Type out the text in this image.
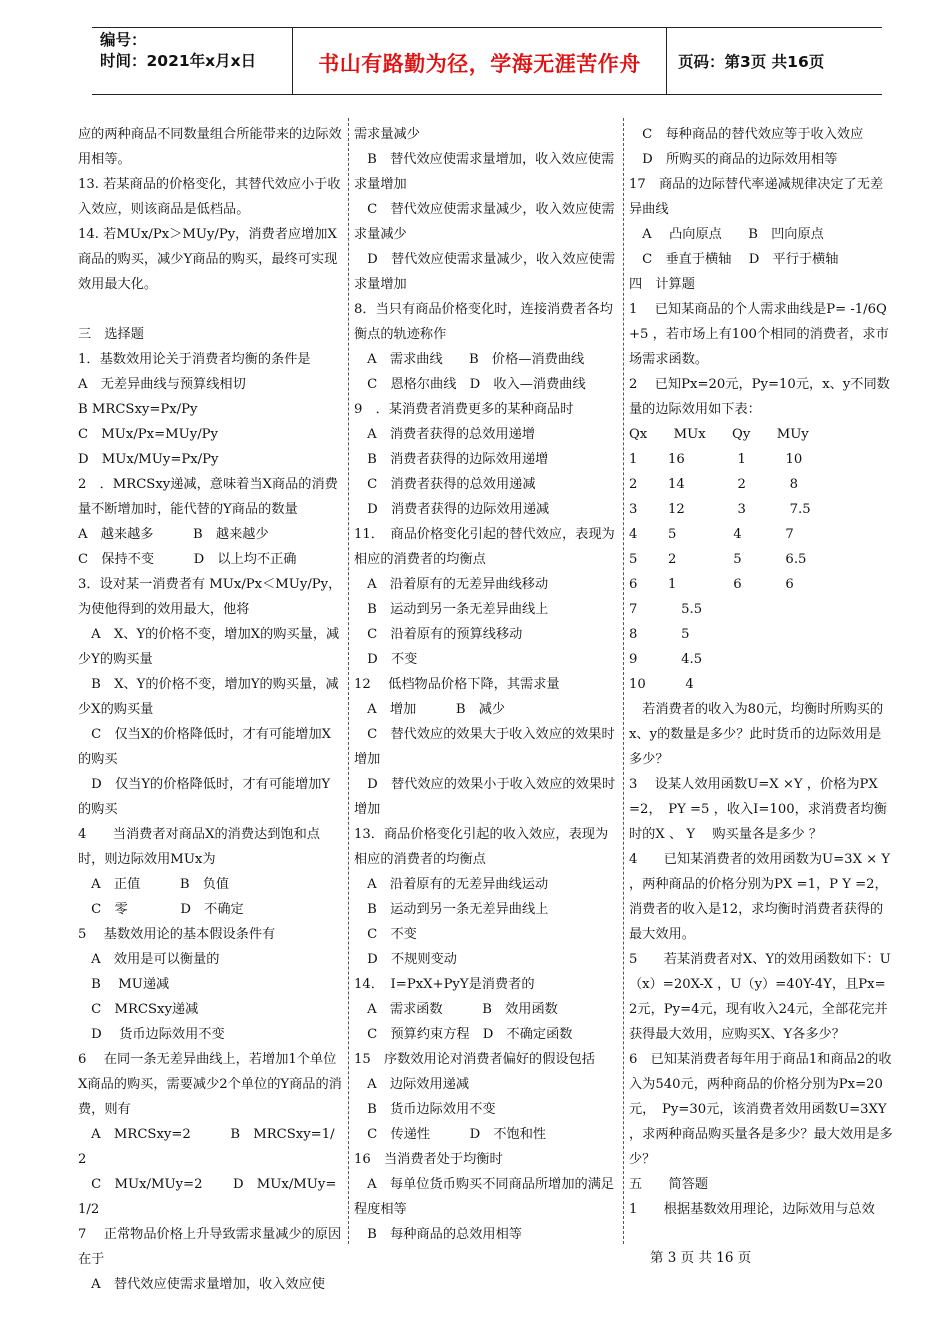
编号：
时间：2021年x月x日	书山有路勤为径，学海无涯苦作舟	页码：第3页 共16页

应的两种商品不同数量组合所能带来的边际效用相等。

13. 若某商品的价格变化，其替代效应小于收入效应，则该商品是低档品。

14. 若MUx/Px＞MUy/Py，消费者应增加X商品的购买，减少Y商品的购买，最终可实现效用最大化。

三　选择题

1．基数效用论关于消费者均衡的条件是

A　无差异曲线与预算线相切

B MRCSxy=Px/Py

C　MUx/Px=MUy/Py

D　MUx/MUy=Px/Py

2　．MRCSxy递减，意味着当X商品的消费量不断增加时，能代替的Y商品的数量

A　越来越多　　　B　越来越少

C　保持不变　　　D　以上均不正确

3．设对某一消费者有 MUx/Px＜MUy/Py，为使他得到的效用最大，他将

　A　X、Y的价格不变，增加X的购买量，减少Y的购买量

　B　X、Y的价格不变，增加Y的购买量，减少X的购买量

　C　仅当X的价格降低时，才有可能增加X的购买

　D　仅当Y的价格降低时，才有可能增加Y的购买

4　　当消费者对商品X的消费达到饱和点时，则边际效用MUx为

　A　正值　　　B　负值

　C　零　　　　D　不确定

5　 基数效用论的基本假设条件有

　A　效用是可以衡量的

　B　 MU递减

　C　MRCSxy递减

　D　 货币边际效用不变

6　 在同一条无差异曲线上，若增加1个单位X商品的购买，需要减少2个单位的Y商品的消费，则有

　A　MRCSxy=2　　　B　MRCSxy=1/2

　C　MUx/MUy=2　　 D　MUx/MUy=1/2

7　 正常物品价格上升导致需求量减少的原因在于

　A　替代效应使需求量增加，收入效应使

需求量减少

　B　替代效应使需求量增加，收入效应使需求量增加

　C　替代效应使需求量减少，收入效应使需求量减少

　D　替代效应使需求量减少，收入效应使需求量增加

8．当只有商品价格变化时，连接消费者各均衡点的轨迹称作

　A　需求曲线　　B　价格—消费曲线

　C　恩格尔曲线　D　收入—消费曲线

9　．某消费者消费更多的某种商品时

　A　消费者获得的总效用递增

　B　消费者获得的边际效用递增

　C　消费者获得的总效用递减

　D　消费者获得的边际效用递减

11．　商品价格变化引起的替代效应，表现为相应的消费者的均衡点

　A　沿着原有的无差异曲线移动

　B　运动到另一条无差异曲线上

　C　沿着原有的预算线移动

　D　不变

12　 低档物品价格下降，其需求量

　A　增加　　　B　减少

　C　替代效应的效果大于收入效应的效果时增加

　D　替代效应的效果小于收入效应的效果时增加

13．商品价格变化引起的收入效应，表现为相应的消费者的均衡点

　A　沿着原有的无差异曲线运动

　B　运动到另一条无差异曲线上

　C　不变

　D　不规则变动

14．　I=PxX+PyY是消费者的

　A　需求函数　　　B　效用函数

　C　预算约束方程　D　不确定函数

15　序数效用论对消费者偏好的假设包括

　A　边际效用递减

　B　货币边际效用不变

　C　传递性　　　D　不饱和性

16　当消费者处于均衡时

　A　每单位货币购买不同商品所增加的满足程度相等

　B　每种商品的总效用相等

　C　每种商品的替代效应等于收入效应

　D　所购买的商品的边际效用相等

17　商品的边际替代率递减规律决定了无差异曲线

　A　 凸向原点　　B　凹向原点

　C　垂直于横轴　 D　平行于横轴

四　计算题

1　 已知某商品的个人需求曲线是P= -1/6Q+5 ，若市场上有100个相同的消费者，求市场需求函数。

2　 已知Px=20元，Py=10元，x、y不同数量的边际效用如下表：

Qx　　MUx　　Qy　　MUy

1　　 16　　　　1　　　10

2　　 14　　　　2　　　 8

3　　 12　　　　3　　　 7.5

4　　 5　　　　 4　　　 7

5　　 2　　　　 5　　　 6.5

6　　 1　　　　 6　　　 6

7　　　 5.5

8　　　 5

9　　　 4.5

10　　　4

　若消费者的收入为80元，均衡时所购买的x、y的数量是多少？此时货币的边际效用是多少？

3　 设某人效用函数U=X ×Y ，价格为PX =2，　PY =5 ，收入I=100，求消费者均衡时的X 、 Y　 购买量各是多少 ？

4　　已知某消费者的效用函数为U=3X × Y　，两种商品的价格分别为PX =1，P Y =2，消费者的收入是12，求均衡时消费者获得的最大效用。

5　　若某消费者对X、Y的效用函数如下：U（x）=20X-X ，U（y）=40Y-4Y，且Px=2元，Py=4元，现有收入24元，全部花完并获得最大效用，应购买X、Y各多少？

6　已知某消费者每年用于商品1和商品2的收入为540元，两种商品的价格分别为Px=20 元，　Py=30元，该消费者效用函数U=3XY

，求两种商品购买量各是多少？最大效用是多少？

五　　简答题

1　　根据基数效用理论，边际效用与总效

第 3 页 共 16 页
